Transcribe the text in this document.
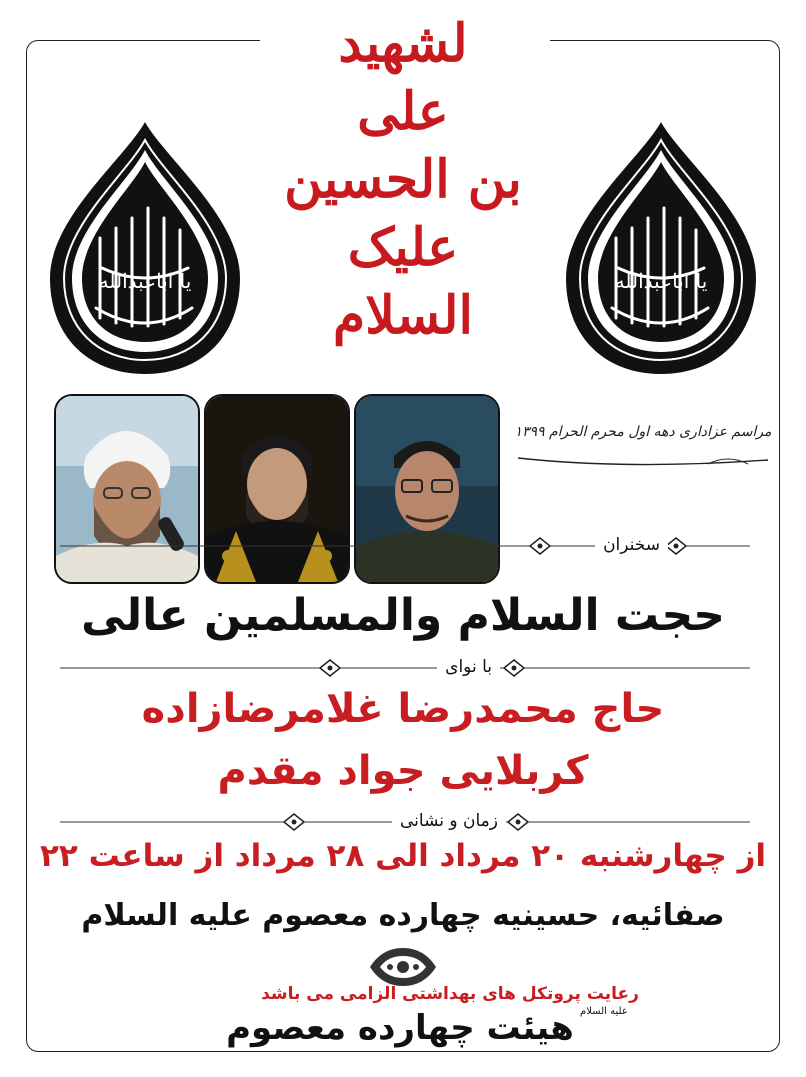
یا اباعبدالله	یا اباعبدالله
لشهید
علی
بن الحسین
علیک
السلام
مراسم عزاداری دهه اول محرم الحرام ۱۳۹۹
سخنران
حجت السلام والمسلمین عالی
با نوای
حاج محمدرضا غلامرضازاده
کربلایی جواد مقدم
زمان و نشانی
از چهارشنبه ۲۰ مرداد الی ۲۸ مرداد از ساعت ۲۲
صفائیه، حسینیه چهارده معصوم علیه السلام
رعایت پروتکل های بهداشتی الزامی می باشد
هیئت چهارده معصوم علیه السلام
